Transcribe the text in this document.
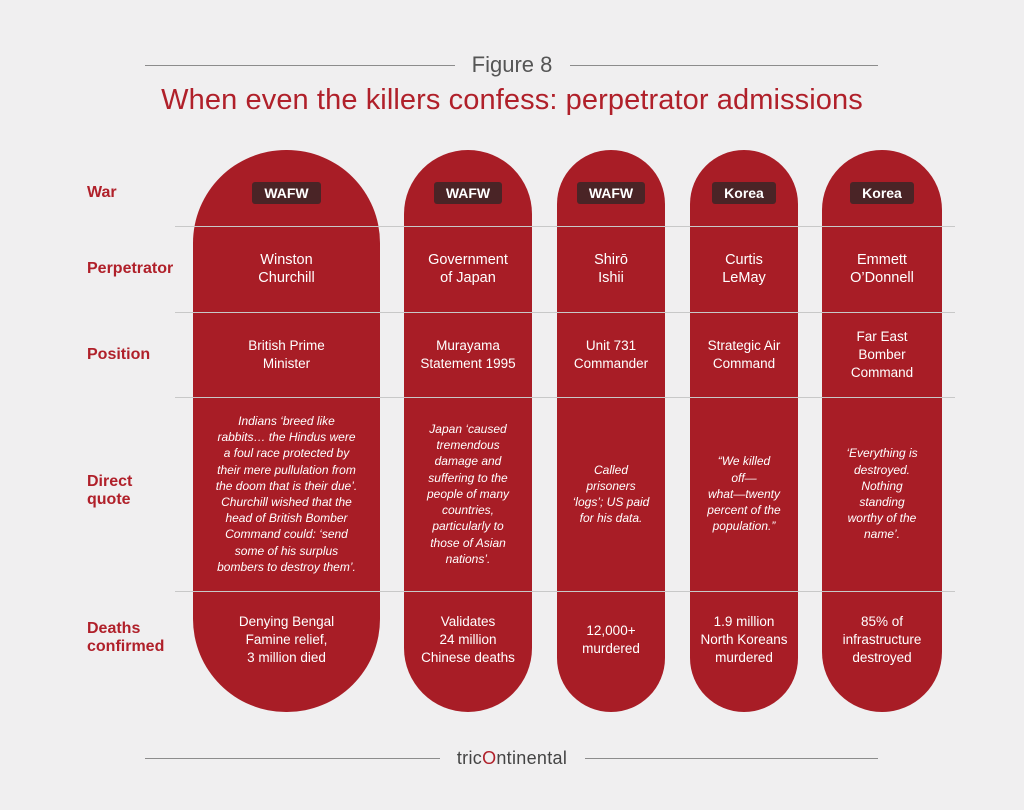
Figure 8
When even the killers confess: perpetrator admissions
WAFW
Winston
Churchill
British Prime
Minister
Indians ‘breed like
rabbits… the Hindus were
a foul race protected by
their mere pullulation from
the doom that is their due’.
Churchill wished that the
head of British Bomber
Command could: ‘send
some of his surplus
bombers to destroy them’.
Denying Bengal
Famine relief,
3 million died
WAFW
Government
of Japan
Murayama
Statement 1995
Japan ‘caused
tremendous
damage and
suffering to the
people of many
countries,
particularly to
those of Asian
nations’.
Validates
24 million
Chinese deaths
WAFW
Shirō
Ishii
Unit 731
Commander
Called
prisoners
‘logs’; US paid
for his data.
12,000+
murdered
Korea
Curtis
LeMay
Strategic Air
Command
“We killed
off—
what—twenty
percent of the
population.”
1.9 million
North Koreans
murdered
Korea
Emmett
O’Donnell
Far East
Bomber
Command
‘Everything is
destroyed.
Nothing
standing
worthy of the
name’.
85% of
infrastructure
destroyed
War
Perpetrator
Position
Direct
quote
Deaths
confirmed
tricOntinental
